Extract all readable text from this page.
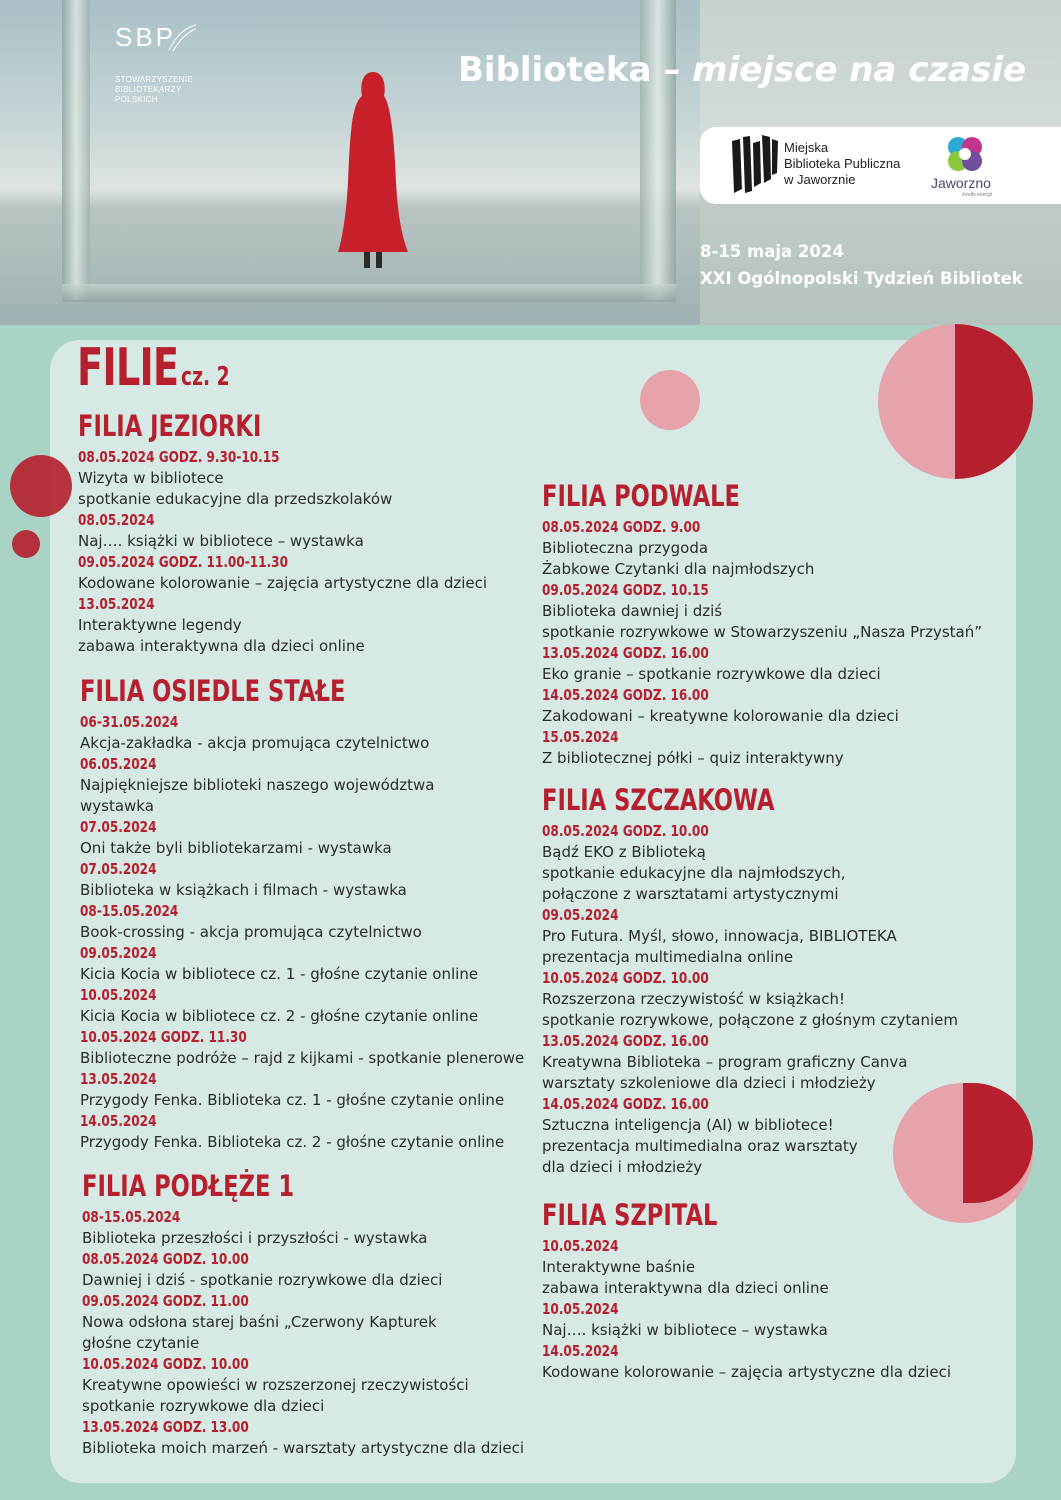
SBP
STOWARZYSZENIE
BIBLIOTEKARZY
POLSKICH
Biblioteka – miejsce na czasie
Miejska
Biblioteka Publiczna
w Jaworznie	Jaworzno
źródło energii
8-15 maja 2024
XXI Ogólnopolski Tydzień Bibliotek
FILIE cz. 2
FILIA JEZIORKI
08.05.2024 GODZ. 9.30-10.15
Wizyta w bibliotece
spotkanie edukacyjne dla przedszkolaków
08.05.2024
Naj…. książki w bibliotece – wystawka
09.05.2024 GODZ. 11.00-11.30
Kodowane kolorowanie – zajęcia artystyczne dla dzieci
13.05.2024
Interaktywne legendy
zabawa interaktywna dla dzieci online
FILIA OSIEDLE STAŁE
06-31.05.2024
Akcja-zakładka - akcja promująca czytelnictwo
06.05.2024
Najpiękniejsze biblioteki naszego województwa
wystawka
07.05.2024
Oni także byli bibliotekarzami - wystawka
07.05.2024
Biblioteka w książkach i filmach - wystawka
08-15.05.2024
Book-crossing - akcja promująca czytelnictwo
09.05.2024
Kicia Kocia w bibliotece cz. 1 - głośne czytanie online
10.05.2024
Kicia Kocia w bibliotece cz. 2 - głośne czytanie online
10.05.2024 GODZ. 11.30
Biblioteczne podróże – rajd z kijkami - spotkanie plenerowe
13.05.2024
Przygody Fenka. Biblioteka cz. 1 - głośne czytanie online
14.05.2024
Przygody Fenka. Biblioteka cz. 2 - głośne czytanie online
FILIA PODŁĘŻE 1
08-15.05.2024
Biblioteka przeszłości i przyszłości - wystawka
08.05.2024 GODZ. 10.00
Dawniej i dziś - spotkanie rozrywkowe dla dzieci
09.05.2024 GODZ. 11.00
Nowa odsłona starej baśni „Czerwony Kapturek
głośne czytanie
10.05.2024 GODZ. 10.00
Kreatywne opowieści w rozszerzonej rzeczywistości
spotkanie rozrywkowe dla dzieci
13.05.2024 GODZ. 13.00
Biblioteka moich marzeń - warsztaty artystyczne dla dzieci
FILIA PODWALE
08.05.2024 GODZ. 9.00
Biblioteczna przygoda
Żabkowe Czytanki dla najmłodszych
09.05.2024 GODZ. 10.15
Biblioteka dawniej i dziś
spotkanie rozrywkowe w Stowarzyszeniu „Nasza Przystań”
13.05.2024 GODZ. 16.00
Eko granie – spotkanie rozrywkowe dla dzieci
14.05.2024 GODZ. 16.00
Zakodowani – kreatywne kolorowanie dla dzieci
15.05.2024
Z bibliotecznej półki – quiz interaktywny
FILIA SZCZAKOWA
08.05.2024 GODZ. 10.00
Bądź EKO z Biblioteką
spotkanie edukacyjne dla najmłodszych,
połączone z warsztatami artystycznymi
09.05.2024
Pro Futura. Myśl, słowo, innowacja, BIBLIOTEKA
prezentacja multimedialna online
10.05.2024 GODZ. 10.00
Rozszerzona rzeczywistość w książkach!
spotkanie rozrywkowe, połączone z głośnym czytaniem
13.05.2024 GODZ. 16.00
Kreatywna Biblioteka – program graficzny Canva
warsztaty szkoleniowe dla dzieci i młodzieży
14.05.2024 GODZ. 16.00
Sztuczna inteligencja (AI) w bibliotece!
prezentacja multimedialna oraz warsztaty
dla dzieci i młodzieży
FILIA SZPITAL
10.05.2024
Interaktywne baśnie
zabawa interaktywna dla dzieci online
10.05.2024
Naj…. książki w bibliotece – wystawka
14.05.2024
Kodowane kolorowanie – zajęcia artystyczne dla dzieci
